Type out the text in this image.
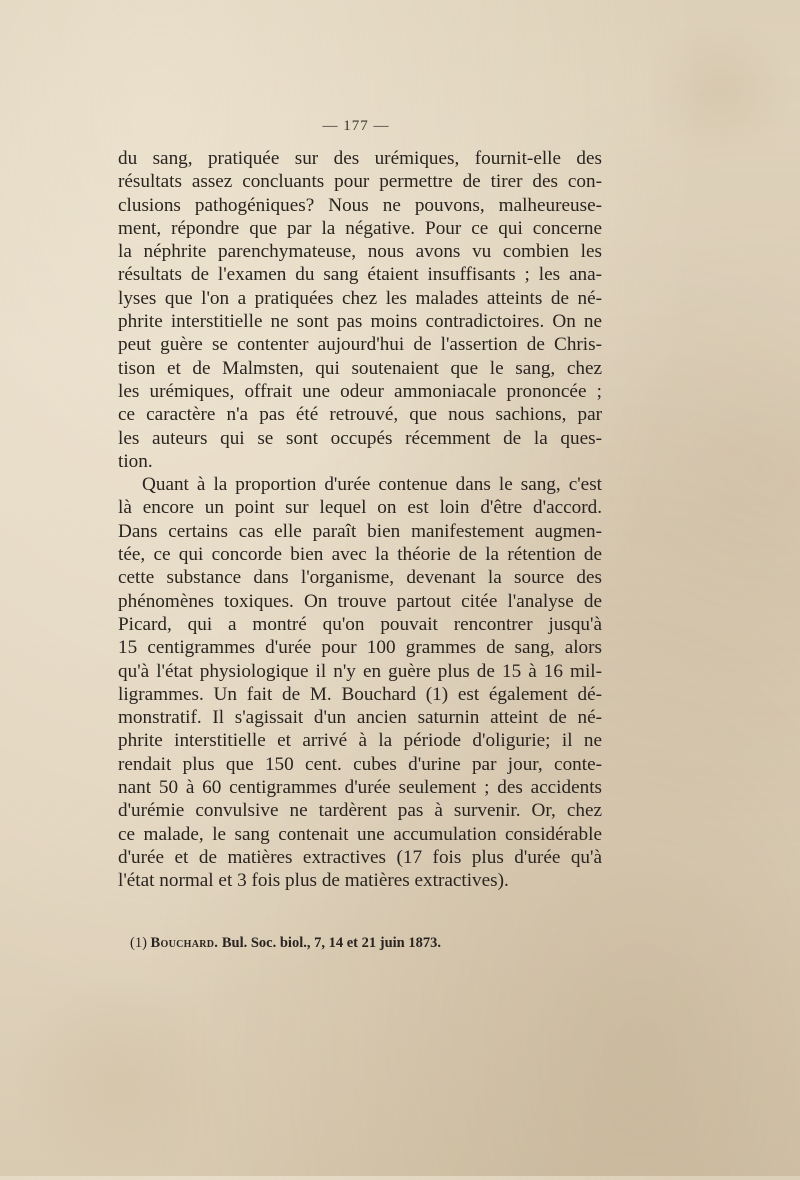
— 177 —

du sang, pratiquée sur des urémiques, fournit-elle des
résultats assez concluants pour permettre de tirer des con-
clusions pathogéniques? Nous ne pouvons, malheureuse-
ment, répondre que par la négative. Pour ce qui concerne
la néphrite parenchymateuse, nous avons vu combien les
résultats de l'examen du sang étaient insuffisants ; les ana-
lyses que l'on a pratiquées chez les malades atteints de né-
phrite interstitielle ne sont pas moins contradictoires. On ne
peut guère se contenter aujourd'hui de l'assertion de Chris-
tison et de Malmsten, qui soutenaient que le sang, chez
les urémiques, offrait une odeur ammoniacale prononcée ;
ce caractère n'a pas été retrouvé, que nous sachions, par
les auteurs qui se sont occupés récemment de la ques-
tion.

Quant à la proportion d'urée contenue dans le sang, c'est
là encore un point sur lequel on est loin d'être d'accord.
Dans certains cas elle paraît bien manifestement augmen-
tée, ce qui concorde bien avec la théorie de la rétention de
cette substance dans l'organisme, devenant la source des
phénomènes toxiques. On trouve partout citée l'analyse de
Picard, qui a montré qu'on pouvait rencontrer jusqu'à
15 centigrammes d'urée pour 100 grammes de sang, alors
qu'à l'état physiologique il n'y en guère plus de 15 à 16 mil-
ligrammes. Un fait de M. Bouchard (1) est également dé-
monstratif. Il s'agissait d'un ancien saturnin atteint de né-
phrite interstitielle et arrivé à la période d'oligurie; il ne
rendait plus que 150 cent. cubes d'urine par jour, conte-
nant 50 à 60 centigrammes d'urée seulement ; des accidents
d'urémie convulsive ne tardèrent pas à survenir. Or, chez
ce malade, le sang contenait une accumulation considérable
d'urée et de matières extractives (17 fois plus d'urée qu'à
l'état normal et 3 fois plus de matières extractives).

(1) Bouchard. Bul. Soc. biol., 7, 14 et 21 juin 1873.
